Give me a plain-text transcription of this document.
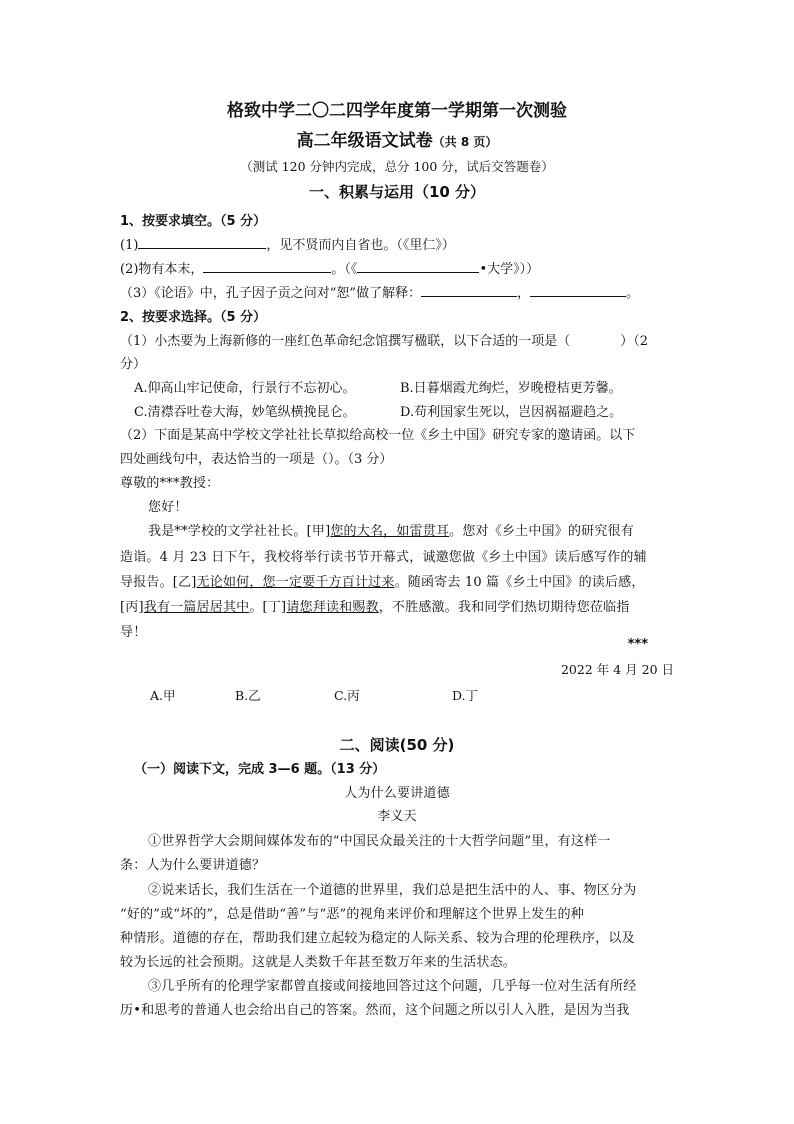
格致中学二〇二四学年度第一学期第一次测验
高二年级语文试卷（共 8 页）
（测试 120 分钟内完成，总分 100 分，试后交答题卷）
一、积累与运用（10 分）
1、按要求填空。（5 分）
(1)	，见不贤而内自省也。（《里仁》）
(2)物有本末，	。（《	•大学》））
（3）《论语》中，孔子因子贡之问对“恕”做了解释：	，	。
2、按要求选择。（5 分）
（1）小杰要为上海新修的一座红色革命纪念馆撰写楹联，以下合适的一项是（	）（2
分）
A.仰高山牢记使命，行景行不忘初心。	B.日暮烟霞尤绚烂，岁晚橙桔更芳馨。
C.清襟吞吐卷大海，妙笔纵横挽昆仑。	D.苟利国家生死以，岂因祸福避趋之。
（2）下面是某高中学校文学社社长草拟给高校一位《乡土中国》研究专家的邀请函。以下
四处画线句中，表达恰当的一项是（）。（3 分）
尊敬的***教授：
您好！
我是**学校的文学社社长。[甲]您的大名，如雷贯耳。您对《乡土中国》的研究很有
造诣。4 月 23 日下午，我校将举行读书节开幕式，诚邀您做《乡土中国》读后感写作的辅
导报告。[乙]无论如何，您一定要千方百计过来。随函寄去 10 篇《乡土中国》的读后感，
[丙]我有一篇居居其中。[丁]请您拜读和赐教，不胜感激。我和同学们热切期待您莅临指
导！
***
2022 年 4 月 20 日
A.甲	B.乙	C.丙	D.丁
二、阅读(50 分)
（一）阅读下文，完成 3—6 题。（13 分）
人为什么要讲道德
李义天
①世界哲学大会期间媒体发布的“中国民众最关注的十大哲学问题”里，有这样一
条：人为什么要讲道德？
②说来话长，我们生活在一个道德的世界里，我们总是把生活中的人、事、物区分为
“好的”或“坏的”，总是借助“善”与“恶”的视角来评价和理解这个世界上发生的种
种情形。道德的存在，帮助我们建立起较为稳定的人际关系、较为合理的伦理秩序，以及
较为长远的社会预期。这就是人类数千年甚至数万年来的生活状态。
③几乎所有的伦理学家都曾直接或间接地回答过这个问题，几乎每一位对生活有所经
历•和思考的普通人也会给出自己的答案。然而，这个问题之所以引人入胜，是因为当我
